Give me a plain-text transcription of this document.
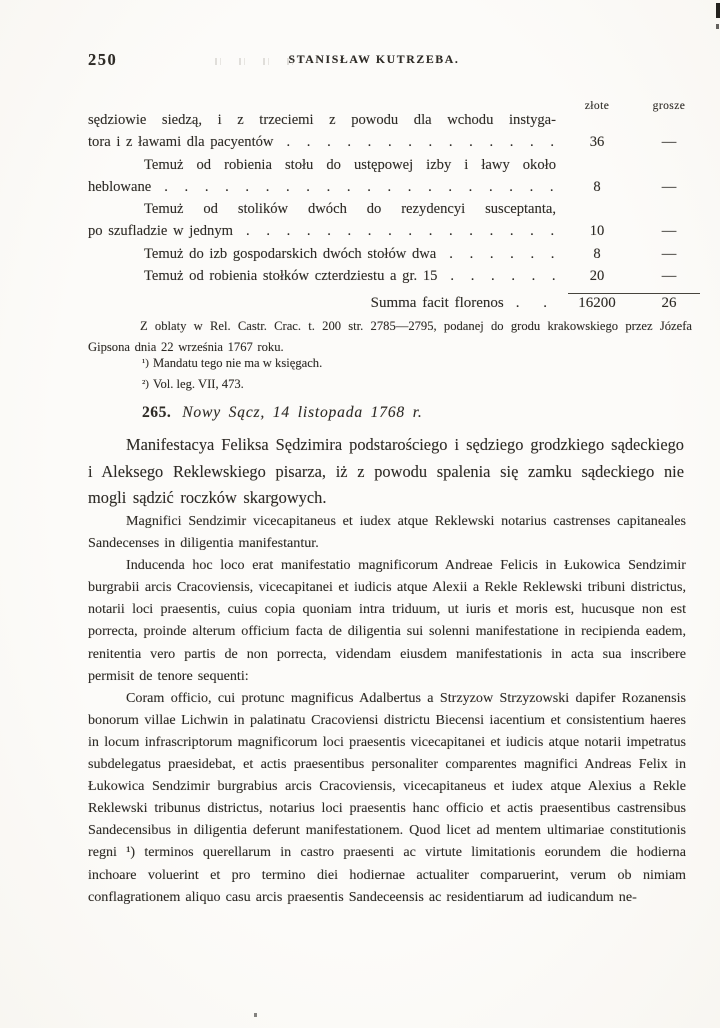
250	STANISŁAW KUTRZEBA.
złote	grosze
sędziowie siedzą, i z trzeciemi z powodu dla wchodu instyga-
tora i z ławami dla pacyentów . . .	36	—
Temuż od robienia stołu do ustępowej izby i ławy około
heblowane . . .	8	—
Temuż od stolików dwóch do rezydencyi susceptanta,
po szufladzie w jednym . . .	10	—
Temuż do izb gospodarskich dwóch stołów dwa . . .	8	—
Temuż od robienia stołków czterdziestu a gr. 15 . . .	20	—
Summa facit florenos . .	16200	26
Z oblaty w Rel. Castr. Crac. t. 200 str. 2785—2795, podanej do grodu krakowskiego przez Józefa Gipsona dnia 22 września 1767 roku.
¹) Mandatu tego nie ma w księgach.
²) Vol. leg. VII, 473.
265. Nowy Sącz, 14 listopada 1768 r.
Manifestacya Feliksa Sędzimira podstarościego i sędziego grodzkiego sądeckiego i Aleksego Reklewskiego pisarza, iż z powodu spalenia się zamku sądeckiego nie mogli sądzić roczków skargowych.

Magnifici Sendzimir vicecapitaneus et iudex atque Reklewski notarius castrenses capitaneales Sandecenses in diligentia manifestantur.

Inducenda hoc loco erat manifestatio magnificorum Andreae Felicis in Łukowica Sendzimir burgrabii arcis Cracoviensis, vicecapitanei et iudicis atque Alexii a Rekle Reklewski tribuni districtus, notarii loci praesentis, cuius copia quoniam intra triduum, ut iuris et moris est, hucusque non est porrecta, proinde alterum officium facta de diligentia sui solenni manifestatione in recipienda eadem, renitentia vero partis de non porrecta, videndam eiusdem manifestationis in acta sua inscribere permisit de tenore sequenti:

Coram officio, cui protunc magnificus Adalbertus a Strzyzow Strzyzowski dapifer Rozanensis bonorum villae Lichwin in palatinatu Cracoviensi districtu Biecensi iacentium et consistentium haeres in locum infrascriptorum magnificorum loci praesentis vicecapitanei et iudicis atque notarii impetratus subdelegatus praesidebat, et actis praesentibus personaliter comparentes magnifici Andreas Felix in Łukowica Sendzimir burgrabius arcis Cracoviensis, vicecapitaneus et iudex atque Alexius a Rekle Reklewski tribunus districtus, notarius loci praesentis hanc officio et actis praesentibus castrensibus Sandecensibus in diligentia deferunt manifestationem. Quod licet ad mentem ultimariae constitutionis regni ¹) terminos querellarum in castro praesenti ac virtute limitationis eorundem die hodierna inchoare voluerint et pro termino diei hodiernae actualiter comparuerint, verum ob nimiam conflagrationem aliquo casu arcis praesentis Sandeceensis ac residentiarum ad iudicandum ne-
